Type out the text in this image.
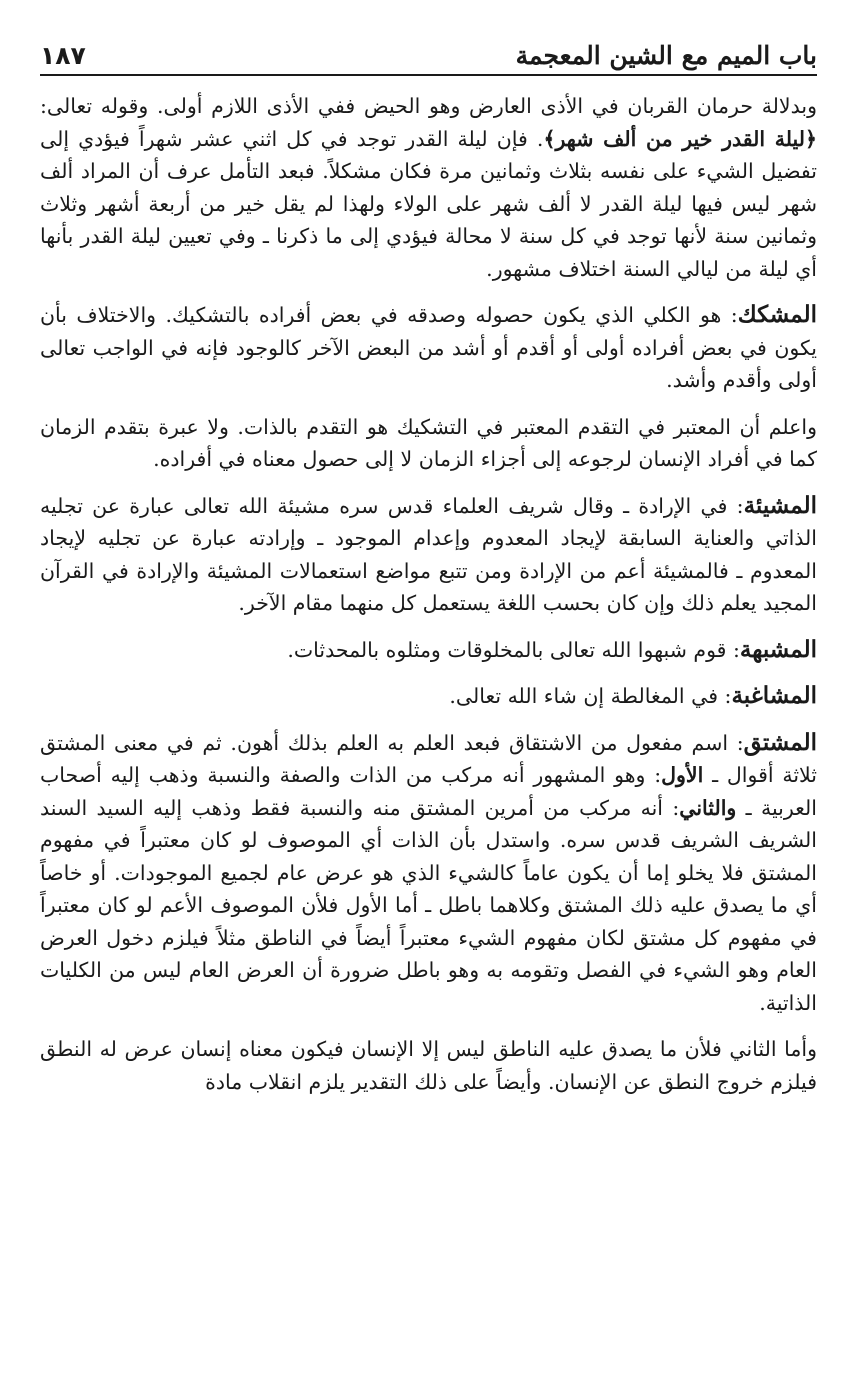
باب الميم مع الشين المعجمة
١٨٧

وبدلالة حرمان القربان في الأذى العارض وهو الحيض ففي الأذى اللازم أولى. وقوله تعالى: ﴿ليلة القدر خير من ألف شهر﴾. فإن ليلة القدر توجد في كل اثني عشر شهراً فيؤدي إلى تفضيل الشيء على نفسه بثلاث وثمانين مرة فكان مشكلاً. فبعد التأمل عرف أن المراد ألف شهر ليس فيها ليلة القدر لا ألف شهر على الولاء ولهذا لم يقل خير من أربعة أشهر وثلاث وثمانين سنة لأنها توجد في كل سنة لا محالة فيؤدي إلى ما ذكرنا ـ وفي تعيين ليلة القدر بأنها أي ليلة من ليالي السنة اختلاف مشهور.

المشكك: هو الكلي الذي يكون حصوله وصدقه في بعض أفراده بالتشكيك. والاختلاف بأن يكون في بعض أفراده أولى أو أقدم أو أشد من البعض الآخر كالوجود فإنه في الواجب تعالى أولى وأقدم وأشد.

واعلم أن المعتبر في التقدم المعتبر في التشكيك هو التقدم بالذات. ولا عبرة بتقدم الزمان كما في أفراد الإنسان لرجوعه إلى أجزاء الزمان لا إلى حصول معناه في أفراده.

المشيئة: في الإرادة ـ وقال شريف العلماء قدس سره مشيئة الله تعالى عبارة عن تجليه الذاتي والعناية السابقة لإيجاد المعدوم وإعدام الموجود ـ وإرادته عبارة عن تجليه لإيجاد المعدوم ـ فالمشيئة أعم من الإرادة ومن تتبع مواضع استعمالات المشيئة والإرادة في القرآن المجيد يعلم ذلك وإن كان بحسب اللغة يستعمل كل منهما مقام الآخر.

المشبهة: قوم شبهوا الله تعالى بالمخلوقات ومثلوه بالمحدثات.

المشاغبة: في المغالطة إن شاء الله تعالى.

المشتق: اسم مفعول من الاشتقاق فبعد العلم به العلم بذلك أهون. ثم في معنى المشتق ثلاثة أقوال ـ الأول: وهو المشهور أنه مركب من الذات والصفة والنسبة وذهب إليه أصحاب العربية ـ والثاني: أنه مركب من أمرين المشتق منه والنسبة فقط وذهب إليه السيد السند الشريف الشريف قدس سره. واستدل بأن الذات أي الموصوف لو كان معتبراً في مفهوم المشتق فلا يخلو إما أن يكون عاماً كالشيء الذي هو عرض عام لجميع الموجودات. أو خاصاً أي ما يصدق عليه ذلك المشتق وكلاهما باطل ـ أما الأول فلأن الموصوف الأعم لو كان معتبراً في مفهوم كل مشتق لكان مفهوم الشيء معتبراً أيضاً في الناطق مثلاً فيلزم دخول العرض العام وهو الشيء في الفصل وتقومه به وهو باطل ضرورة أن العرض العام ليس من الكليات الذاتية.

وأما الثاني فلأن ما يصدق عليه الناطق ليس إلا الإنسان فيكون معناه إنسان عرض له النطق فيلزم خروج النطق عن الإنسان. وأيضاً على ذلك التقدير يلزم انقلاب مادة
